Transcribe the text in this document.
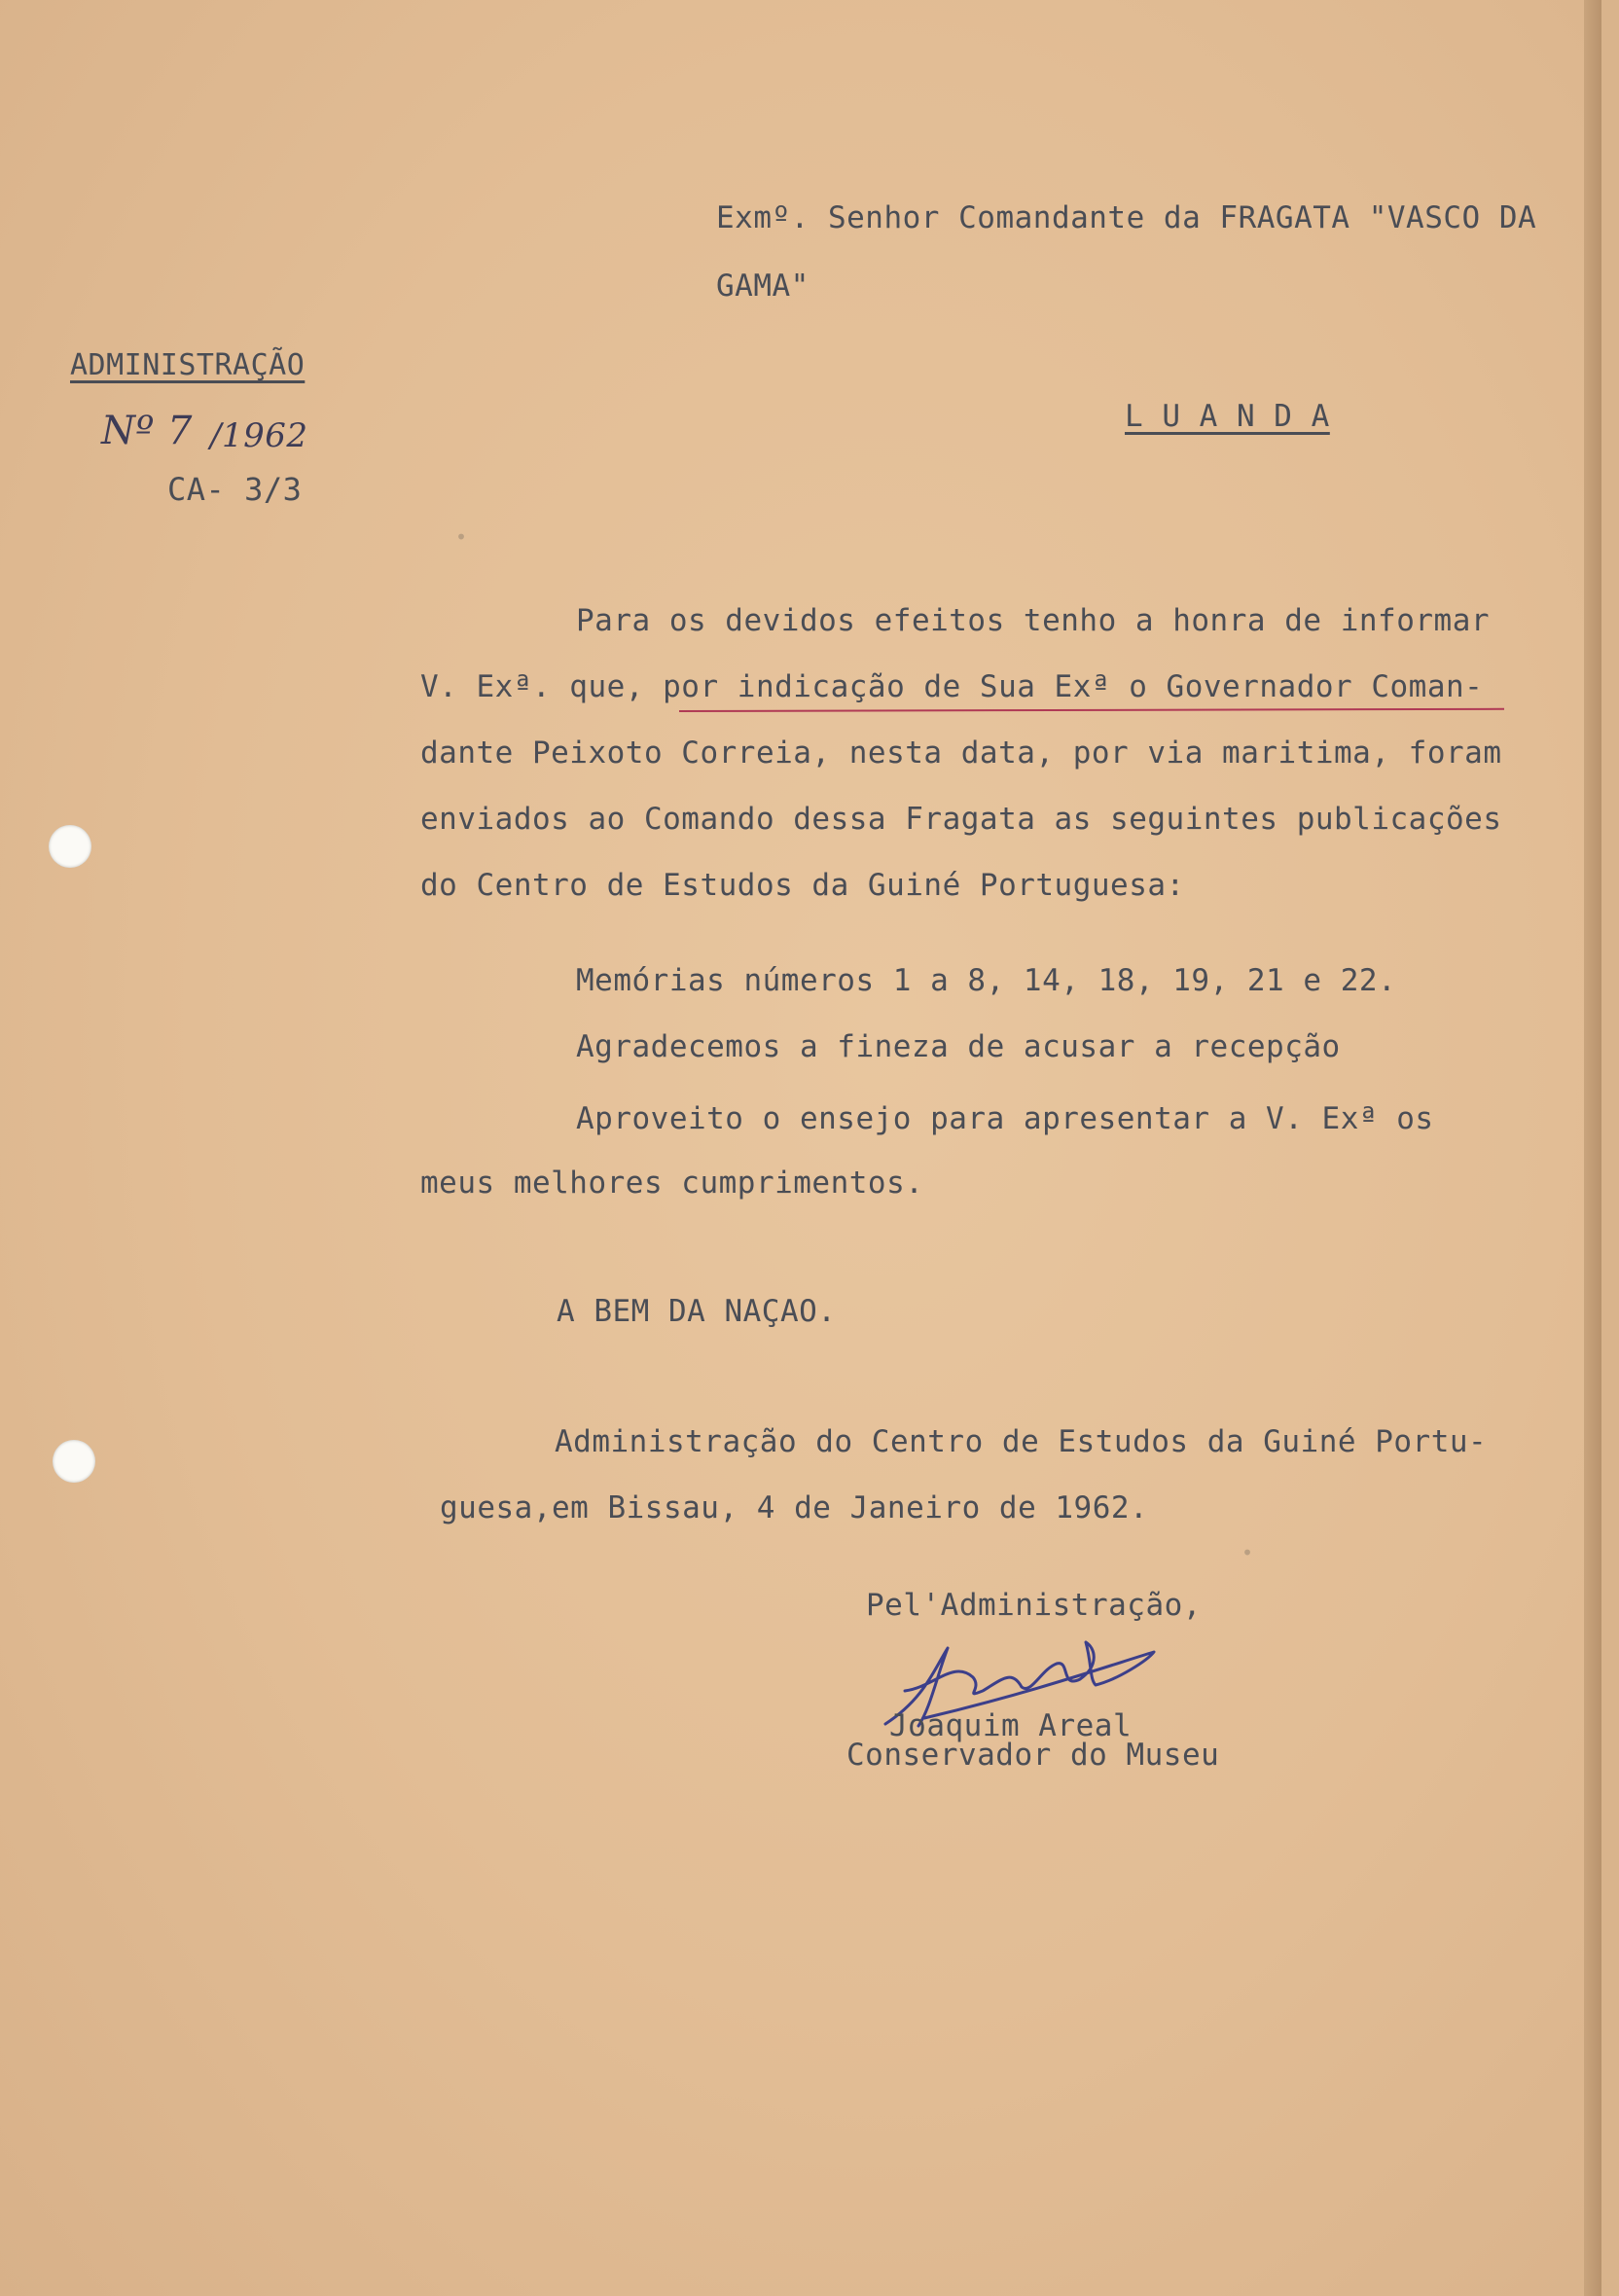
Exmº. Senhor Comandante da FRAGATA "VASCO DA
GAMA"
L U A N D A
ADMINISTRAÇÃO
Nº 7 /1962
CA- 3/3
Para os devidos efeitos tenho a honra de informar
V. Exª. que, por indicação de Sua Exª o Governador Coman-
dante Peixoto Correia, nesta data, por via maritima, foram
enviados ao Comando dessa Fragata as seguintes publicações
do Centro de Estudos da Guiné Portuguesa:
Memórias números 1 a 8, 14, 18, 19, 21 e 22.
Agradecemos a fineza de acusar a recepção
Aproveito o ensejo para apresentar a V. Exª os
meus melhores cumprimentos.
A BEM DA NAÇAO.
Administração do Centro de Estudos da Guiné Portu-
guesa,em Bissau, 4 de Janeiro de 1962.
Pel'Administração,
Joaquim Areal
Conservador do Museu
•
•
